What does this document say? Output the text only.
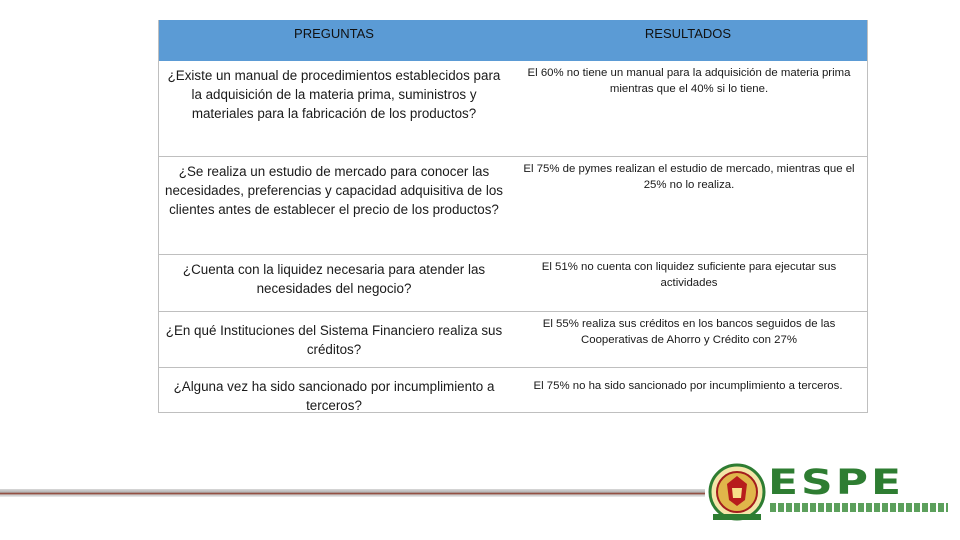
PREGUNTAS	RESULTADOS
¿Existe un manual de procedimientos establecidos para la adquisición de la materia prima, suministros y materiales para la fabricación de los productos?
El 60% no tiene un manual para la adquisición de materia prima mientras que el 40% si lo tiene.
¿Se realiza un estudio de mercado para conocer las necesidades, preferencias y capacidad adquisitiva de los clientes antes de establecer el precio de los productos?
El 75% de pymes realizan el estudio de mercado, mientras que el 25% no lo realiza.
¿Cuenta con la liquidez necesaria para atender las necesidades del negocio?
El 51% no cuenta con liquidez suficiente para ejecutar sus actividades
¿En qué Instituciones del Sistema Financiero realiza sus créditos?
El 55% realiza sus créditos en los bancos seguidos de las Cooperativas de Ahorro y Crédito con 27%
¿Alguna vez ha sido sancionado por incumplimiento a terceros?
El 75% no ha sido sancionado por incumplimiento a terceros.
ESPE
